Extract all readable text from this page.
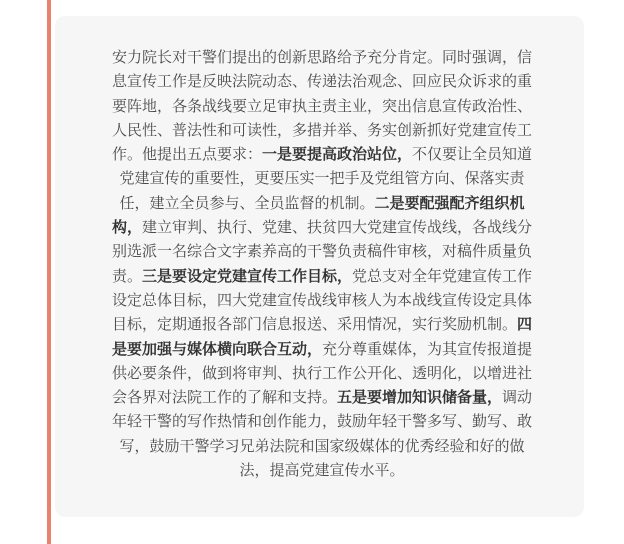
安力院长对干警们提出的创新思路给予充分肯定。同时强调，信
息宣传工作是反映法院动态、传递法治观念、回应民众诉求的重
要阵地，各条战线要立足审执主责主业，突出信息宣传政治性、
人民性、普法性和可读性，多措并举、务实创新抓好党建宣传工
作。他提出五点要求：一是要提高政治站位，不仅要让全员知道
党建宣传的重要性，更要压实一把手及党组管方向、保落实责
任，建立全员参与、全员监督的机制。二是要配强配齐组织机
构，建立审判、执行、党建、扶贫四大党建宣传战线，各战线分
别选派一名综合文字素养高的干警负责稿件审核，对稿件质量负
责。三是要设定党建宣传工作目标，党总支对全年党建宣传工作
设定总体目标，四大党建宣传战线审核人为本战线宣传设定具体
目标，定期通报各部门信息报送、采用情况，实行奖励机制。四
是要加强与媒体横向联合互动，充分尊重媒体，为其宣传报道提
供必要条件，做到将审判、执行工作公开化、透明化，以增进社
会各界对法院工作的了解和支持。五是要增加知识储备量，调动
年轻干警的写作热情和创作能力，鼓励年轻干警多写、勤写、敢
写，鼓励干警学习兄弟法院和国家级媒体的优秀经验和好的做
法，提高党建宣传水平。
